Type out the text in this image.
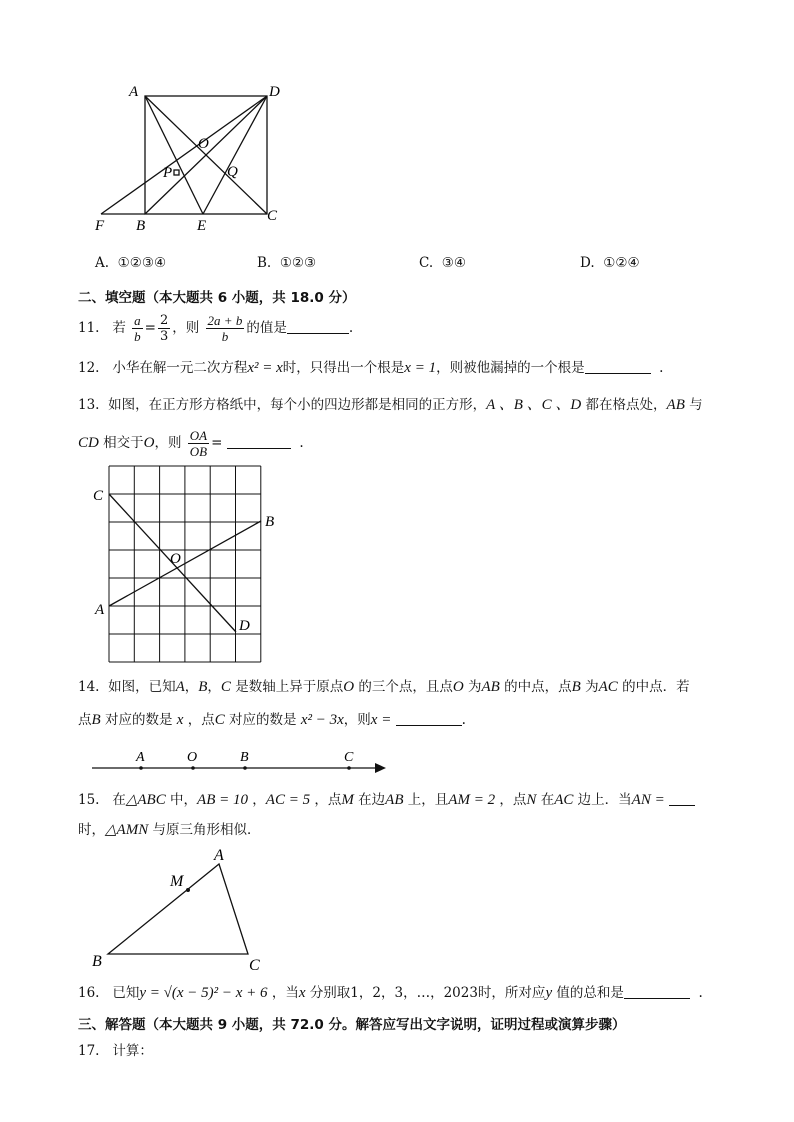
A	D
O
P	Q
F B	E
C
A. ①②③④	B. ①②③	C. ③④	D. ①②④
二、填空题（本大题共 6 小题，共 18.0 分）
11. 若 $\frac{a}{b} = \frac{2}{3}$ ，则 $\frac{2a + b}{b}$ 的值是	.
12. 小华在解一元二次方程x² = x时，只得出一个根是x = 1，则被他漏掉的一个根是	.
13. 如图，在正方形方格纸中，每个小的四边形都是相同的正方形，A 、B 、C 、D 都在格点处，AB 与
CD 相交于O，则 $\frac{OA}{OB}$ =	.
C
B
O
A
D
14. 如图，已知A，B，C 是数轴上异于原点O 的三个点，且点O 为AB 的中点，点B 为AC 的中点．若
点B 对应的数是 x ，点C 对应的数是 x² − 3x，则x =	.
A	O	B	C
15. 在△ABC 中，AB = 10 ，AC = 5 ，点M 在边AB 上，且AM = 2 ，点N 在AC 边上．当AN =
时，△AMN 与原三角形相似．
A
M
B	C
16. 已知y = √(x − 5)² − x + 6 ，当x 分别取1，2，3，…，2023时，所对应y 值的总和是	.
三、解答题（本大题共 9 小题，共 72.0 分。解答应写出文字说明，证明过程或演算步骤）
17. 计算：
